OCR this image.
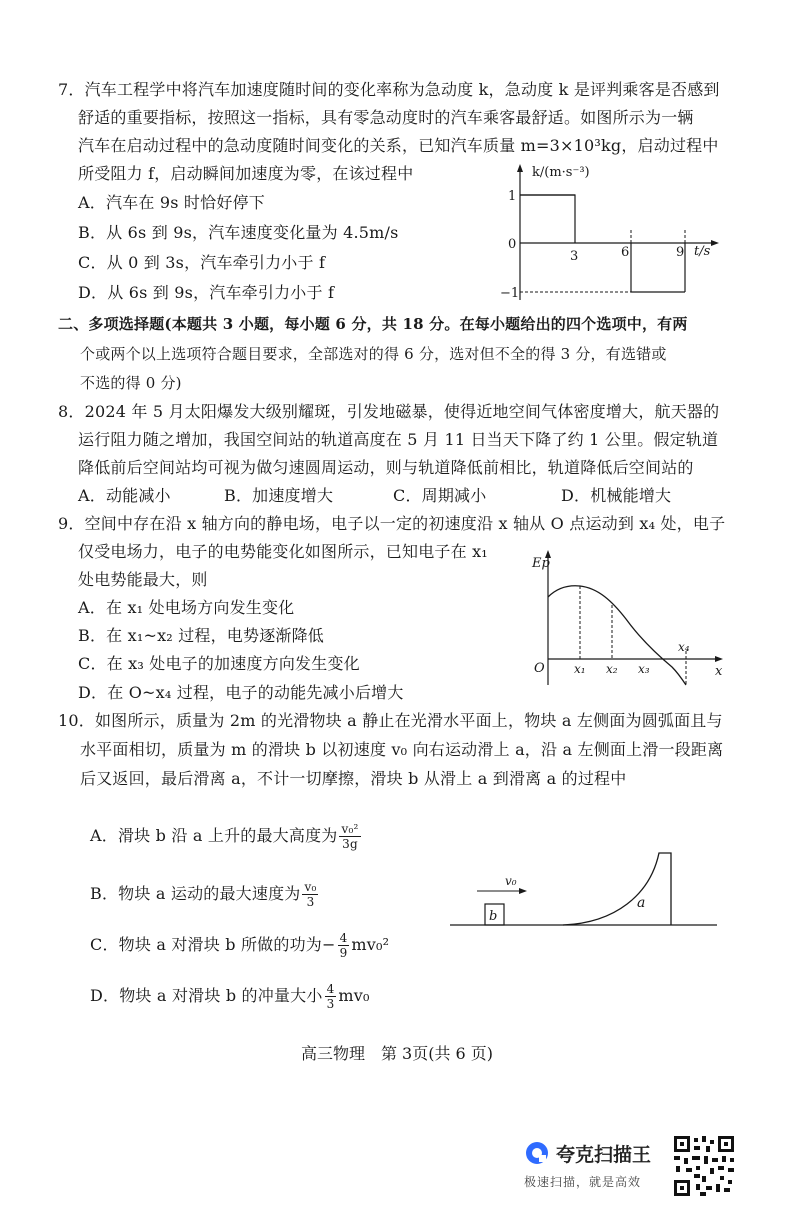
7．汽车工程学中将汽车加速度随时间的变化率称为急动度 k，急动度 k 是评判乘客是否感到
舒适的重要指标，按照这一指标，具有零急动度时的汽车乘客最舒适。如图所示为一辆
汽车在启动过程中的急动度随时间变化的关系，已知汽车质量 m=3×10³kg，启动过程中
所受阻力 f，启动瞬间加速度为零，在该过程中
A．汽车在 9s 时恰好停下
B．从 6s 到 9s，汽车速度变化量为 4.5m/s
C．从 0 到 3s，汽车牵引力小于 f
D．从 6s 到 9s，汽车牵引力小于 f
k/(m·s⁻³)
t/s
3	6	9
1
0
−1
二、多项选择题(本题共 3 小题，每小题 6 分，共 18 分。在每小题给出的四个选项中，有两
个或两个以上选项符合题目要求，全部选对的得 6 分，选对但不全的得 3 分，有选错或
不选的得 0 分)
8．2024 年 5 月太阳爆发大级别耀斑，引发地磁暴，使得近地空间气体密度增大，航天器的
运行阻力随之增加，我国空间站的轨道高度在 5 月 11 日当天下降了约 1 公里。假定轨道
降低前后空间站均可视为做匀速圆周运动，则与轨道降低前相比，轨道降低后空间站的
A．动能减小	B．加速度增大	C．周期减小	D．机械能增大
9．空间中存在沿 x 轴方向的静电场，电子以一定的初速度沿 x 轴从 O 点运动到 x₄ 处，电子
仅受电场力，电子的电势能变化如图所示，已知电子在 x₁
处电势能最大，则
A．在 x₁ 处电场方向发生变化
B．在 x₁~x₂ 过程，电势逐渐降低
C．在 x₃ 处电子的加速度方向发生变化
D．在 O~x₄ 过程，电子的动能先减小后增大
Ep
O	x
x₁ x₂ x₃
x₄
10．如图所示，质量为 2m 的光滑物块 a 静止在光滑水平面上，物块 a 左侧面为圆弧面且与
水平面相切，质量为 m 的滑块 b 以初速度 v₀ 向右运动滑上 a，沿 a 左侧面上滑一段距离
后又返回，最后滑离 a，不计一切摩擦，滑块 b 从滑上 a 到滑离 a 的过程中
A．滑块 b 沿 a 上升的最大高度为 $\frac{\text{v₀²}}{3g}$
B．物块 a 运动的最大速度为 $\frac{\text{v₀}}{3}$
C．物块 a 对滑块 b 所做的功为− $\frac{4}{9} mv_0^2$
D．物块 a 对滑块 b 的冲量大小 $\frac{4}{3} mv_0$
b
v₀
a
高三物理　第 3页(共 6 页)
夸克扫描王
极速扫描，就是高效
